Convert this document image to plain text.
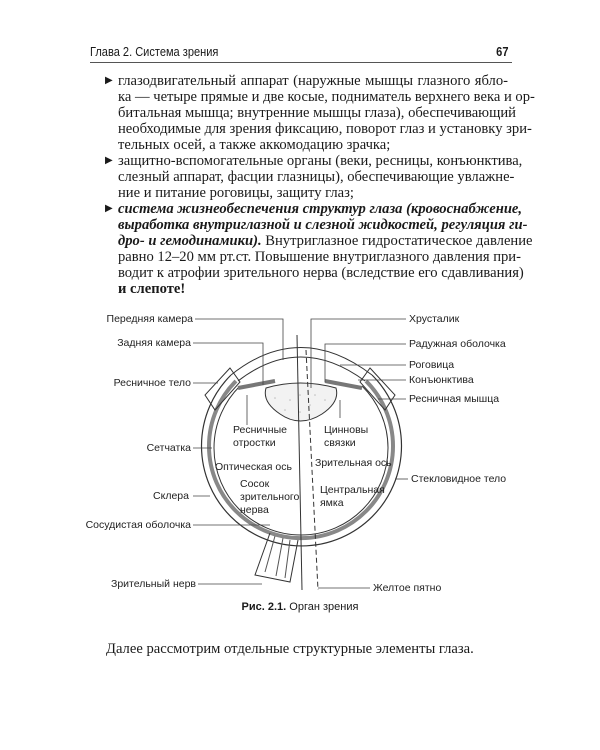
Глава 2. Система зрения	67
▶ глазодвигательный аппарат (наружные мышцы глазного ябло-
ка — четыре прямые и две косые, подниматель верхнего века и ор-
битальная мышца; внутренние мышцы глаза), обеспечивающий
необходимые для зрения фиксацию, поворот глаз и установку зри-
тельных осей, а также аккомодацию зрачка;
▶ защитно-вспомогательные органы (веки, ресницы, конъюнктива,
слезный аппарат, фасции глазницы), обеспечивающие увлажне-
ние и питание роговицы, защиту глаз;
▶ система жизнеобеспечения структур глаза (кровоснабжение,
выработка внутриглазной и слезной жидкостей, регуляция ги-
дро- и гемодинамики). Внутриглазное гидростатическое давление
равно 12–20 мм рт.ст. Повышение внутриглазного давления при-
водит к атрофии зрительного нерва (вследствие его сдавливания)
и слепоте!
Передняя камера
Задняя камера
Ресничное тело
Сетчатка
Склера
Сосудистая оболочка
Зрительный нерв
Хрусталик
Радужная оболочка
Роговица
Конъюнктива
Ресничная мышца
Стекловидное тело
Желтое пятно
Ресничные
отростки
Цинновы
связки
Оптическая ось Зрительная ось
Сосок
зрительного
нерва
Центральная
ямка
Рис. 2.1. Орган зрения
Далее рассмотрим отдельные структурные элементы глаза.
